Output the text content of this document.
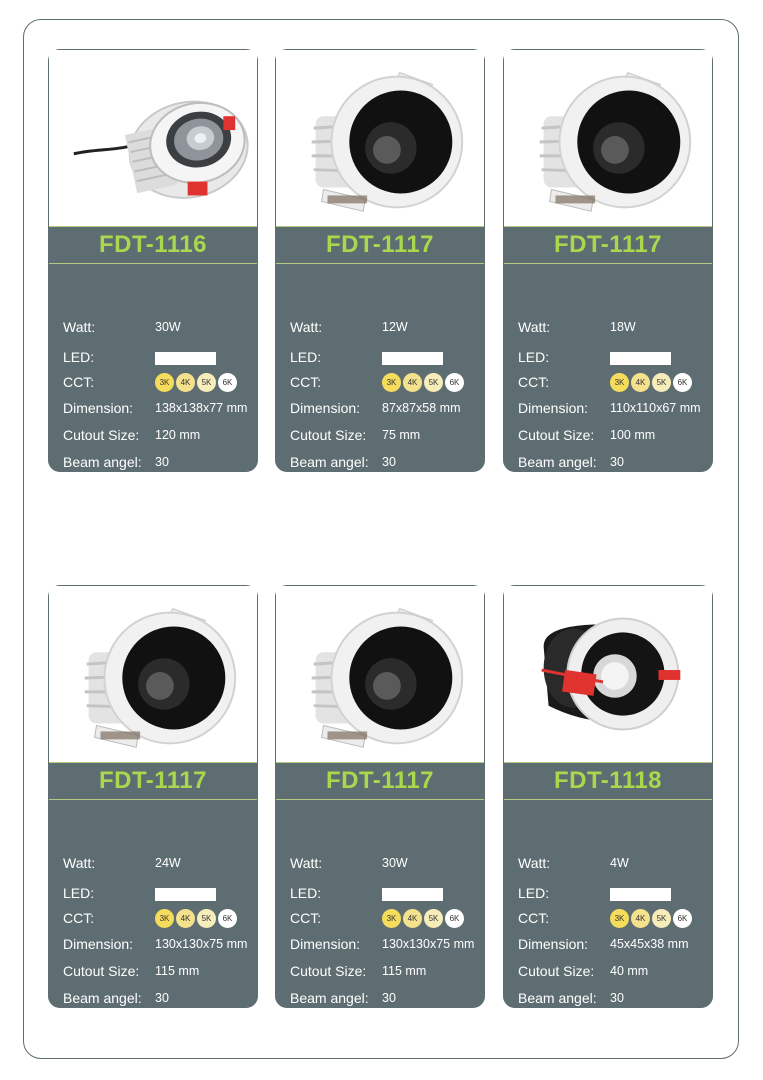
FDT-1116
Watt:	30W
LED:
CCT:	3K	4K	5K	6K
Dimension: 138x138x77 mm
Cutout Size: 120 mm
Beam angel: 30
Body color: BK, WH
FDT-1117
Watt:	12W
LED:
CCT:	3K	4K	5K	6K
Dimension: 87x87x58 mm
Cutout Size: 75 mm
Beam angel: 30
Body color: BK, WH
FDT-1117
Watt:	18W
LED:
CCT:	3K	4K	5K	6K
Dimension: 110x110x67 mm
Cutout Size: 100 mm
Beam angel: 30
Body color: BK, WH
FDT-1117
Watt:	24W
LED:
CCT:	3K	4K	5K	6K
Dimension: 130x130x75 mm
Cutout Size: 115 mm
Beam angel: 30
Body color: BK, WH
FDT-1117
Watt:	30W
LED:
CCT:	3K	4K	5K	6K
Dimension: 130x130x75 mm
Cutout Size: 115 mm
Beam angel: 30
Body color: BK, WH
FDT-1118
Watt:	4W
LED:
CCT:	3K	4K	5K	6K
Dimension: 45x45x38 mm
Cutout Size: 40 mm
Beam angel: 30
Body color: BK, WH
